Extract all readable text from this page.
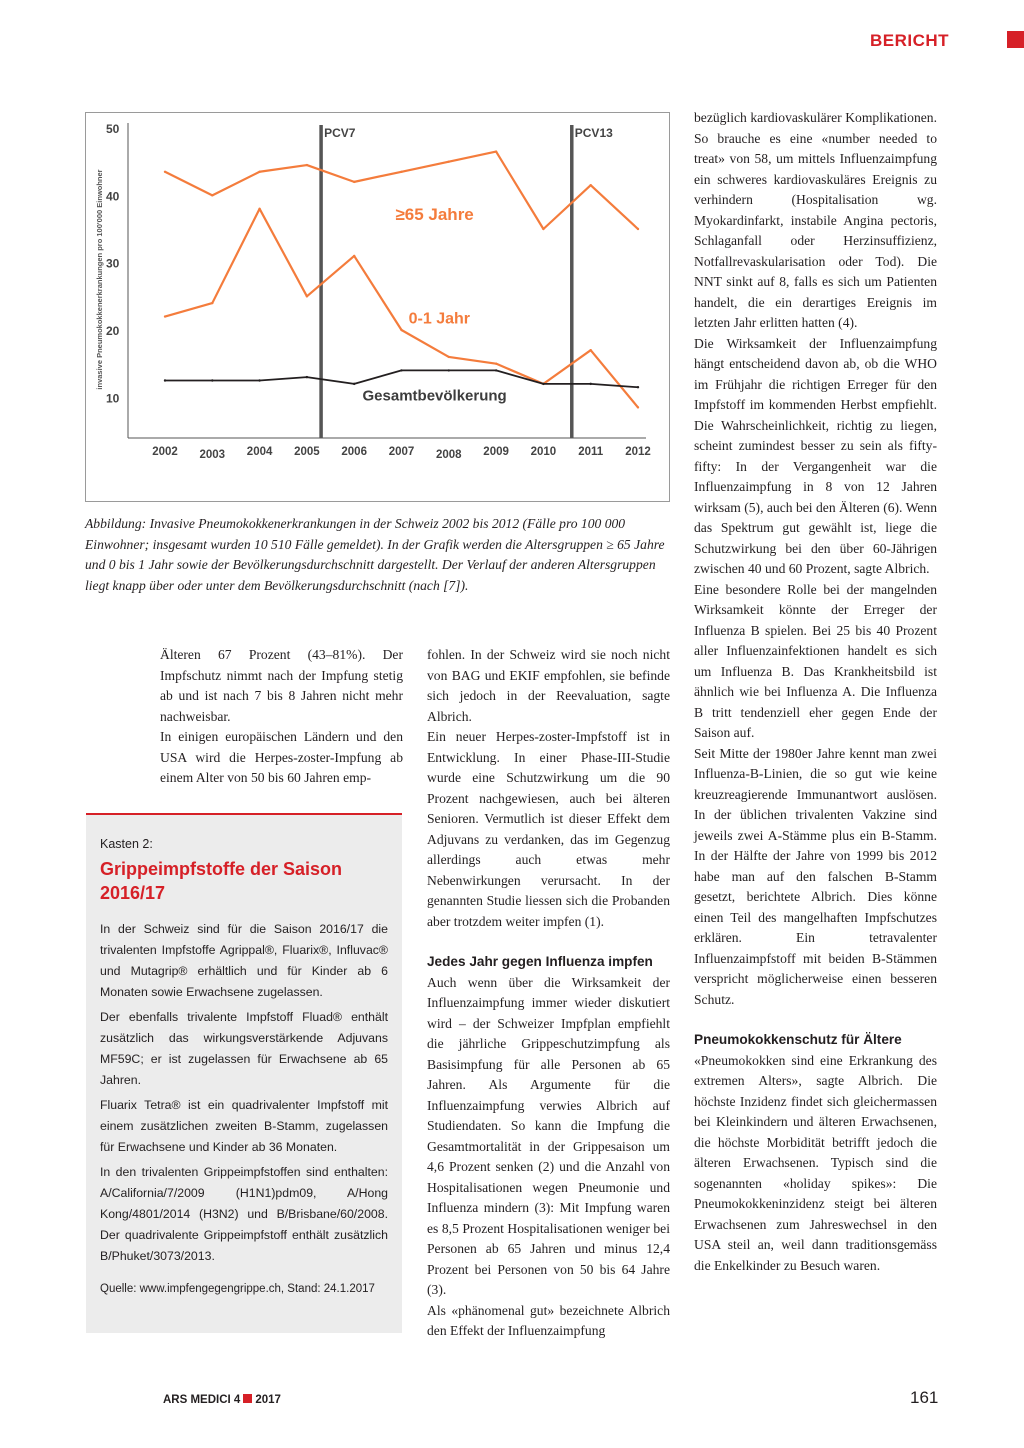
BERICHT
10
20
30
40
50
2002 2003 2004 2005 2006 2007 2008 2009 2010 2011 2012
invasive Pneumokokkenerkrankungen pro 100'000 Einwohner
PCV7	PCV13
≥65 Jahre
0-1 Jahr
Gesamtbevölkerung

Abbildung: Invasive Pneumokokkenerkrankungen in der Schweiz 2002 bis 2012 (Fälle pro 100 000 Einwohner; insgesamt wurden 10 510 Fälle gemeldet). In der Grafik werden die Altersgruppen ≥ 65 Jahre und 0 bis 1 Jahr sowie der Bevölkerungsdurchschnitt dargestellt. Der Verlauf der anderen Altersgruppen liegt knapp über oder unter dem Bevölkerungsdurchschnitt (nach [7]).

Älteren 67 Prozent (43–81%). Der Impfschutz nimmt nach der Impfung stetig ab und ist nach 7 bis 8 Jahren nicht mehr nachweisbar.

In einigen europäischen Ländern und den USA wird die Herpes-zoster-Impfung ab einem Alter von 50 bis 60 Jahren emp-

Kasten 2:
Grippeimpfstoffe der Saison 2016/17

In der Schweiz sind für die Saison 2016/17 die trivalenten Impfstoffe Agrippal®, Fluarix®, Influvac® und Mutagrip® erhältlich und für Kinder ab 6 Monaten sowie Erwachsene zugelassen.

Der ebenfalls trivalente Impfstoff Fluad® enthält zusätzlich das wirkungsverstärkende Adjuvans MF59C; er ist zugelassen für Erwachsene ab 65 Jahren.

Fluarix Tetra® ist ein quadrivalenter Impfstoff mit einem zusätzlichen zweiten B-Stamm, zugelassen für Erwachsene und Kinder ab 36 Monaten.

In den trivalenten Grippeimpfstoffen sind enthalten: A/California/7/2009 (H1N1)pdm09, A/Hong Kong/4801/2014 (H3N2) und B/Brisbane/60/2008. Der quadrivalente Grippeimpfstoff enthält zusätzlich B/Phuket/3073/2013.

Quelle: www.impfengegengrippe.ch, Stand: 24.1.2017

fohlen. In der Schweiz wird sie noch nicht von BAG und EKIF empfohlen, sie befinde sich jedoch in der Reevaluation, sagte Albrich.

Ein neuer Herpes-zoster-Impfstoff ist in Entwicklung. In einer Phase-III-Studie wurde eine Schutzwirkung um die 90 Prozent nachgewiesen, auch bei älteren Senioren. Vermutlich ist dieser Effekt dem Adjuvans zu verdanken, das im Gegenzug allerdings auch etwas mehr Nebenwirkungen verursacht. In der genannten Studie liessen sich die Probanden aber trotzdem weiter impfen (1).

Jedes Jahr gegen Influenza impfen

Auch wenn über die Wirksamkeit der Influenzaimpfung immer wieder diskutiert wird – der Schweizer Impfplan empfiehlt die jährliche Grippeschutzimpfung als Basisimpfung für alle Personen ab 65 Jahren. Als Argumente für die Influenzaimpfung verwies Albrich auf Studiendaten. So kann die Impfung die Gesamtmortalität in der Grippesaison um 4,6 Prozent senken (2) und die Anzahl von Hospitalisationen wegen Pneumonie und Influenza mindern (3): Mit Impfung waren es 8,5 Prozent Hospitalisationen weniger bei Personen ab 65 Jahren und minus 12,4 Prozent bei Personen von 50 bis 64 Jahre (3).

Als «phänomenal gut» bezeichnete Albrich den Effekt der Influenzaimpfung

bezüglich kardiovaskulärer Komplikationen. So brauche es eine «number needed to treat» von 58, um mittels Influenzaimpfung ein schweres kardiovaskuläres Ereignis zu verhindern (Hospitalisation wg. Myokardinfarkt, instabile Angina pectoris, Schlaganfall oder Herzinsuffizienz, Notfallrevaskularisation oder Tod). Die NNT sinkt auf 8, falls es sich um Patienten handelt, die ein derartiges Ereignis im letzten Jahr erlitten hatten (4).

Die Wirksamkeit der Influenzaimpfung hängt entscheidend davon ab, ob die WHO im Frühjahr die richtigen Erreger für den Impfstoff im kommenden Herbst empfiehlt. Die Wahrscheinlichkeit, richtig zu liegen, scheint zumindest besser zu sein als fifty-fifty: In der Vergangenheit war die Influenzaimpfung in 8 von 12 Jahren wirksam (5), auch bei den Älteren (6). Wenn das Spektrum gut gewählt ist, liege die Schutzwirkung bei den über 60-Jährigen zwischen 40 und 60 Prozent, sagte Albrich.

Eine besondere Rolle bei der mangelnden Wirksamkeit könnte der Erreger der Influenza B spielen. Bei 25 bis 40 Prozent aller Influenzainfektionen handelt es sich um Influenza B. Das Krankheitsbild ist ähnlich wie bei Influenza A. Die Influenza B tritt tendenziell eher gegen Ende der Saison auf.

Seit Mitte der 1980er Jahre kennt man zwei Influenza-B-Linien, die so gut wie keine kreuzreagierende Immunantwort auslösen. In der üblichen trivalenten Vakzine sind jeweils zwei A-Stämme plus ein B-Stamm. In der Hälfte der Jahre von 1999 bis 2012 habe man auf den falschen B-Stamm gesetzt, berichtete Albrich. Dies könne einen Teil des mangelhaften Impfschutzes erklären. Ein tetravalenter Influenzaimpfstoff mit beiden B-Stämmen verspricht möglicherweise einen besseren Schutz.

Pneumokokkenschutz für Ältere

«Pneumokokken sind eine Erkrankung des extremen Alters», sagte Albrich. Die höchste Inzidenz findet sich gleichermassen bei Kleinkindern und älteren Erwachsenen, die höchste Morbidität betrifft jedoch die älteren Erwachsenen. Typisch sind die sogenannten «holiday spikes»: Die Pneumokokkeninzidenz steigt bei älteren Erwachsenen zum Jahreswechsel in den USA steil an, weil dann traditionsgemäss die Enkelkinder zu Besuch waren.

ARS MEDICI 4 2017	161
